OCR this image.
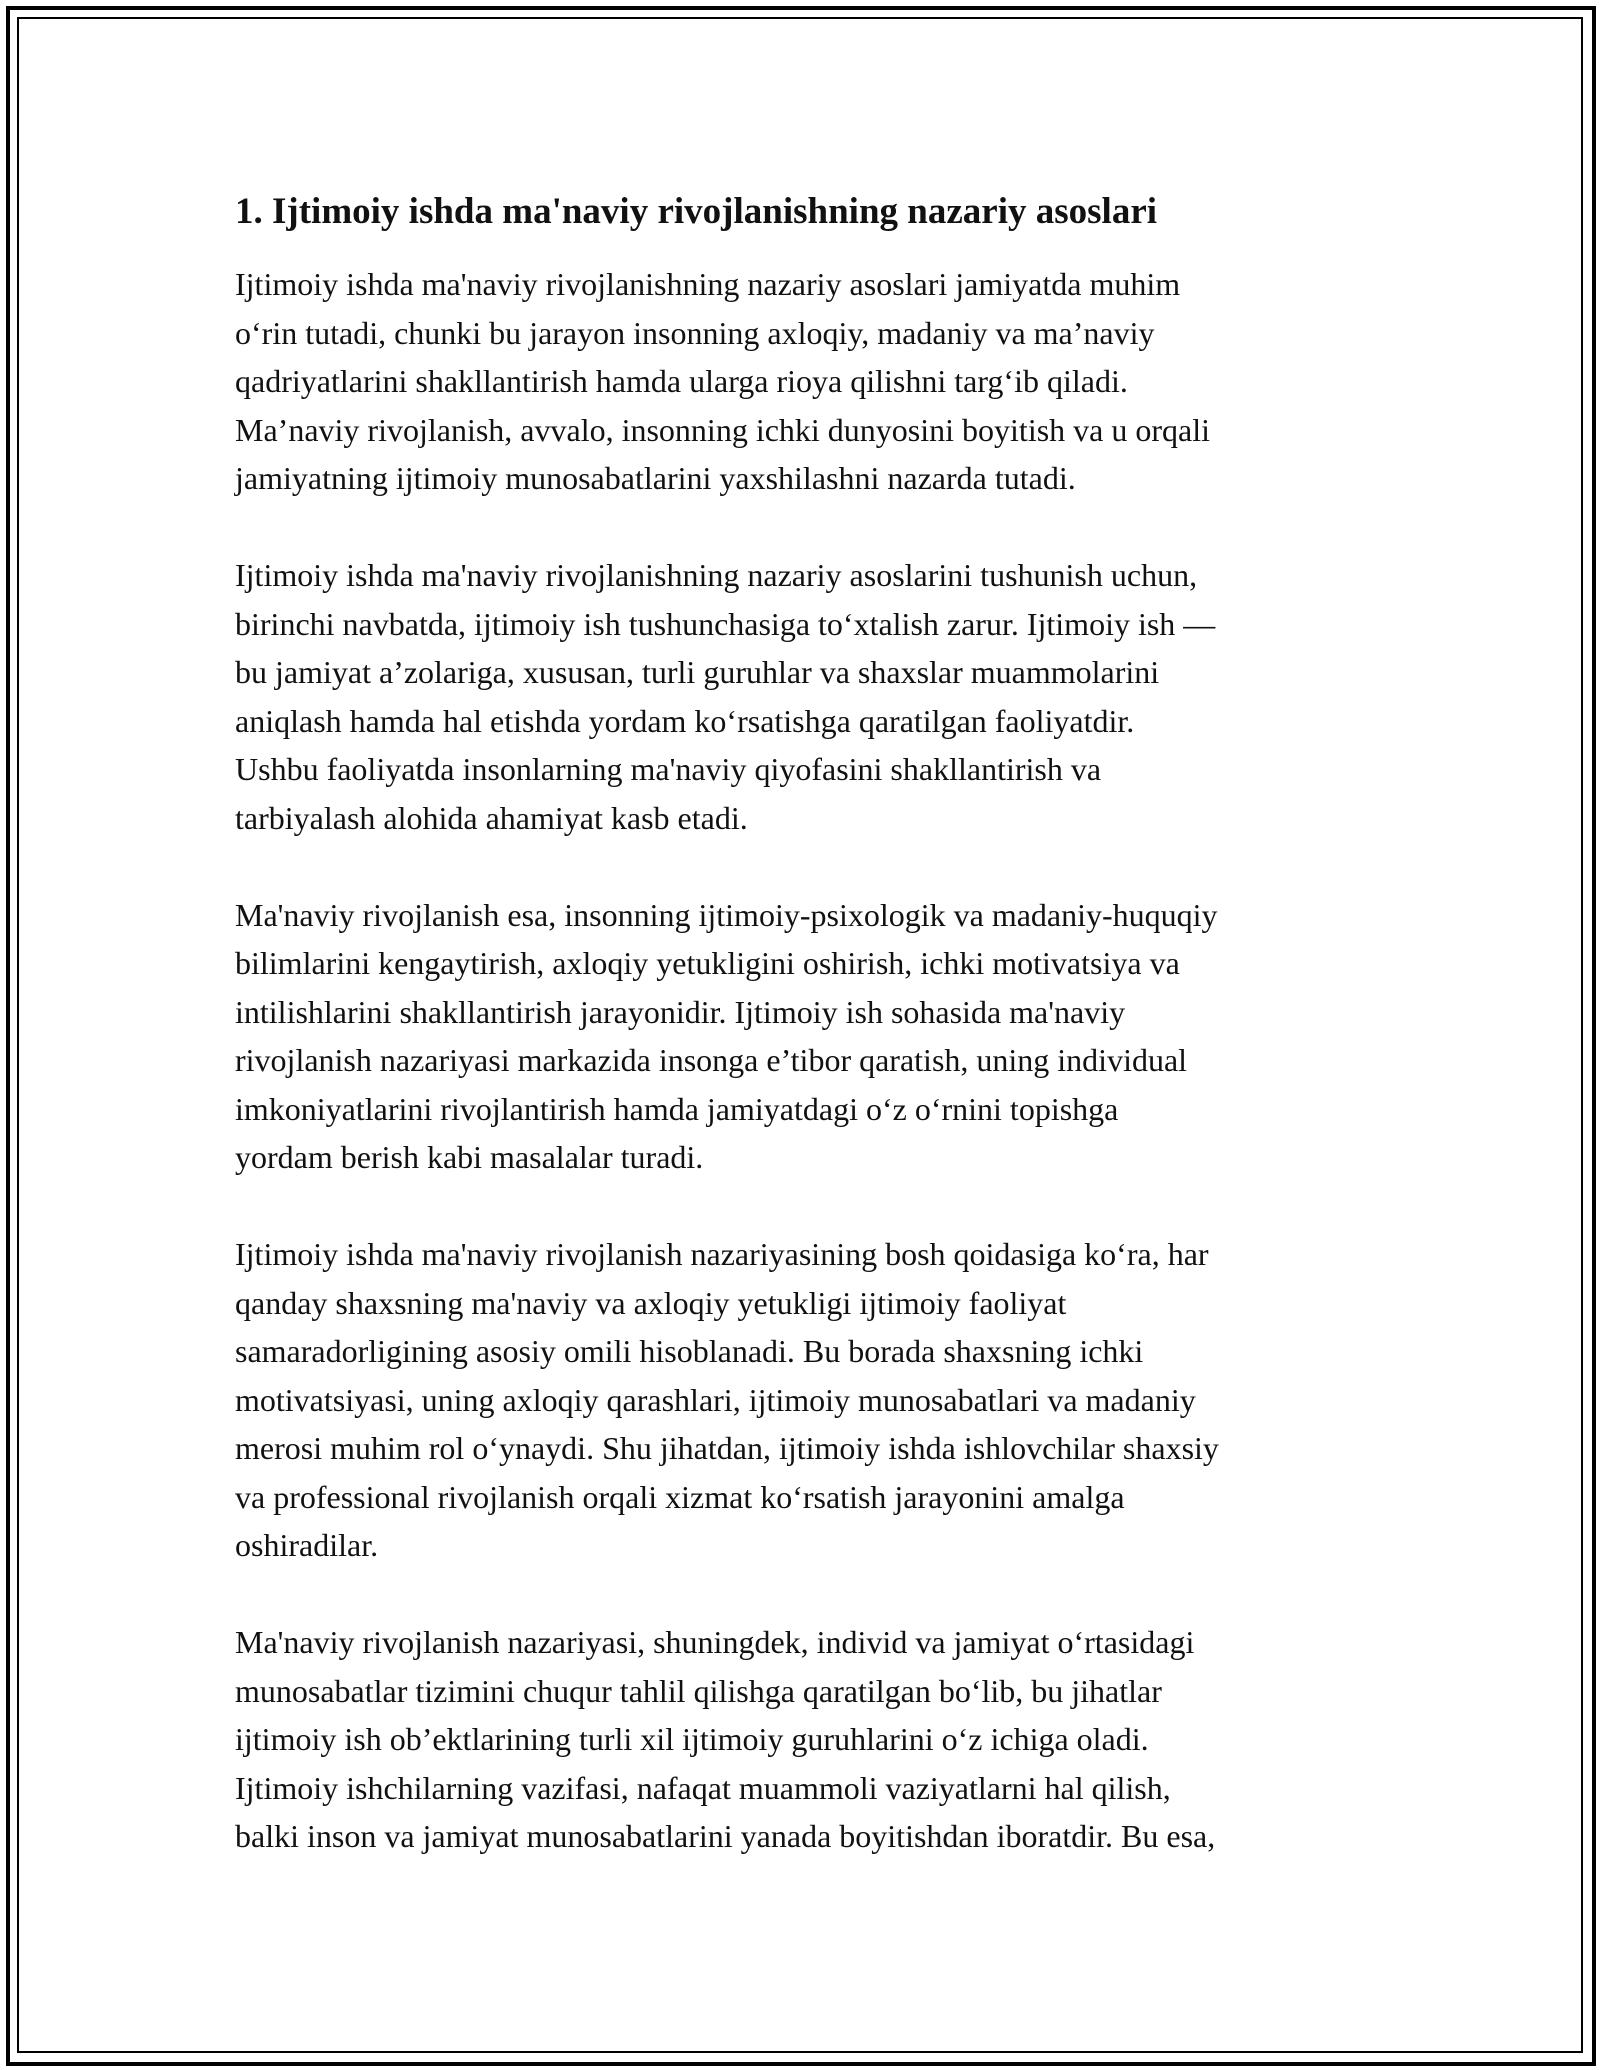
1. Ijtimoiy ishda ma'naviy rivojlanishning nazariy asoslari

Ijtimoiy ishda ma'naviy rivojlanishning nazariy asoslari jamiyatda muhim
o‘rin tutadi, chunki bu jarayon insonning axloqiy, madaniy va ma’naviy
qadriyatlarini shakllantirish hamda ularga rioya qilishni targ‘ib qiladi.
Ma’naviy rivojlanish, avvalo, insonning ichki dunyosini boyitish va u orqali
jamiyatning ijtimoiy munosabatlarini yaxshilashni nazarda tutadi.

Ijtimoiy ishda ma'naviy rivojlanishning nazariy asoslarini tushunish uchun,
birinchi navbatda, ijtimoiy ish tushunchasiga to‘xtalish zarur. Ijtimoiy ish —
bu jamiyat a’zolariga, xususan, turli guruhlar va shaxslar muammolarini
aniqlash hamda hal etishda yordam ko‘rsatishga qaratilgan faoliyatdir.
Ushbu faoliyatda insonlarning ma'naviy qiyofasini shakllantirish va
tarbiyalash alohida ahamiyat kasb etadi.

Ma'naviy rivojlanish esa, insonning ijtimoiy-psixologik va madaniy-huquqiy
bilimlarini kengaytirish, axloqiy yetukligini oshirish, ichki motivatsiya va
intilishlarini shakllantirish jarayonidir. Ijtimoiy ish sohasida ma'naviy
rivojlanish nazariyasi markazida insonga e’tibor qaratish, uning individual
imkoniyatlarini rivojlantirish hamda jamiyatdagi o‘z o‘rnini topishga
yordam berish kabi masalalar turadi.

Ijtimoiy ishda ma'naviy rivojlanish nazariyasining bosh qoidasiga ko‘ra, har
qanday shaxsning ma'naviy va axloqiy yetukligi ijtimoiy faoliyat
samaradorligining asosiy omili hisoblanadi. Bu borada shaxsning ichki
motivatsiyasi, uning axloqiy qarashlari, ijtimoiy munosabatlari va madaniy
merosi muhim rol o‘ynaydi. Shu jihatdan, ijtimoiy ishda ishlovchilar shaxsiy
va professional rivojlanish orqali xizmat ko‘rsatish jarayonini amalga
oshiradilar.

Ma'naviy rivojlanish nazariyasi, shuningdek, individ va jamiyat o‘rtasidagi
munosabatlar tizimini chuqur tahlil qilishga qaratilgan bo‘lib, bu jihatlar
ijtimoiy ish ob’ektlarining turli xil ijtimoiy guruhlarini o‘z ichiga oladi.
Ijtimoiy ishchilarning vazifasi, nafaqat muammoli vaziyatlarni hal qilish,
balki inson va jamiyat munosabatlarini yanada boyitishdan iboratdir. Bu esa,
